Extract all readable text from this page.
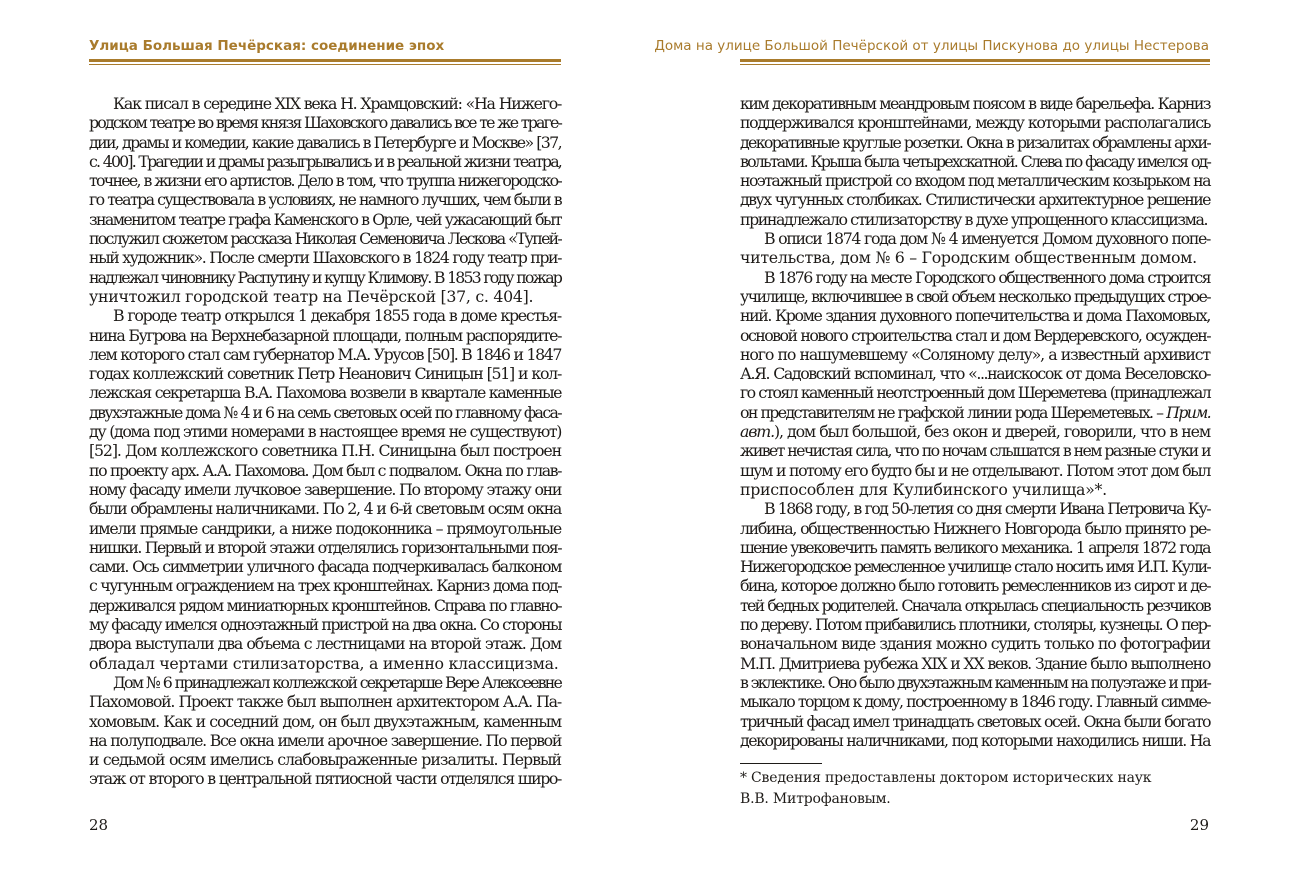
Улица Большая Печёрская: соединение эпох
Как писал в середине XIX века Н. Храмцовский: «На Нижего-
родском театре во время князя Шаховского давались все те же траге-
дии, драмы и комедии, какие давались в Петербурге и Москве» [37,
с. 400]. Трагедии и драмы разыгрывались и в реальной жизни театра,
точнее, в жизни его артистов. Дело в том, что труппа нижегородско-
го театра существовала в условиях, не намного лучших, чем были в
знаменитом театре графа Каменского в Орле, чей ужасающий быт
послужил сюжетом рассказа Николая Семеновича Лескова «Тупей-
ный художник». После смерти Шаховского в 1824 году театр при-
надлежал чиновнику Распутину и купцу Климову. В 1853 году пожар
уничтожил городской театр на Печёрской [37, с. 404].
В городе театр открылся 1 декабря 1855 года в доме крестья-
нина Бугрова на Верхнебазарной площади, полным распорядите-
лем которого стал сам губернатор М.А. Урусов [50]. В 1846 и 1847
годах коллежский советник Петр Неанович Синицын [51] и кол-
лежская секретарша В.А. Пахомова возвели в квартале каменные
двухэтажные дома № 4 и 6 на семь световых осей по главному фаса-
ду (дома под этими номерами в настоящее время не существуют)
[52]. Дом коллежского советника П.Н. Синицына был построен
по проекту арх. А.А. Пахомова. Дом был с подвалом. Окна по глав-
ному фасаду имели лучковое завершение. По второму этажу они
были обрамлены наличниками. По 2, 4 и 6-й световым осям окна
имели прямые сандрики, а ниже подоконника – прямоугольные
нишки. Первый и второй этажи отделялись горизонтальными поя-
сами. Ось симметрии уличного фасада подчеркивалась балконом
с чугунным ограждением на трех кронштейнах. Карниз дома под-
держивался рядом миниатюрных кронштейнов. Справа по главно-
му фасаду имелся одноэтажный пристрой на два окна. Со стороны
двора выступали два объема с лестницами на второй этаж. Дом
обладал чертами стилизаторства, а именно классицизма.
Дом № 6 принадлежал коллежской секретарше Вере Алексеевне
Пахомовой. Проект также был выполнен архитектором А.А. Па-
хомовым. Как и соседний дом, он был двухэтажным, каменным
на полуподвале. Все окна имели арочное завершение. По первой
и седьмой осям имелись слабовыраженные ризалиты. Первый
этаж от второго в центральной пятиосной части отделялся широ-
28
Дома на улице Большой Печёрской от улицы Пискунова до улицы Нестерова
ким декоративным меандровым поясом в виде барельефа. Карниз
поддерживался кронштейнами, между которыми располагались
декоративные круглые розетки. Окна в ризалитах обрамлены архи-
вольтами. Крыша была четырехскатной. Слева по фасаду имелся од-
ноэтажный пристрой со входом под металлическим козырьком на
двух чугунных столбиках. Стилистически архитектурное решение
принадлежало стилизаторству в духе упрощенного классицизма.
В описи 1874 года дом № 4 именуется Домом духовного попе-
чительства, дом № 6 – Городским общественным домом.
В 1876 году на месте Городского общественного дома строится
училище, включившее в свой объем несколько предыдущих строе-
ний. Кроме здания духовного попечительства и дома Пахомовых,
основой нового строительства стал и дом Вердеревского, осужден-
ного по нашумевшему «Соляному делу», а известный архивист
А.Я. Садовский вспоминал, что «...наискосок от дома Веселовско-
го стоял каменный неотстроенный дом Шереметева (принадлежал
он представителям не графской линии рода Шереметевых. – Прим.
авт.), дом был большой, без окон и дверей, говорили, что в нем
живет нечистая сила, что по ночам слышатся в нем разные стуки и
шум и потому его будто бы и не отделывают. Потом этот дом был
приспособлен для Кулибинского училища»*.
В 1868 году, в год 50-летия со дня смерти Ивана Петровича Ку-
либина, общественностью Нижнего Новгорода было принято ре-
шение увековечить память великого механика. 1 апреля 1872 года
Нижегородское ремесленное училище стало носить имя И.П. Кули-
бина, которое должно было готовить ремесленников из сирот и де-
тей бедных родителей. Сначала открылась специальность резчиков
по дереву. Потом прибавились плотники, столяры, кузнецы. О пер-
воначальном виде здания можно судить только по фотографии
М.П. Дмитриева рубежа XIX и XX веков. Здание было выполнено
в эклектике. Оно было двухэтажным каменным на полуэтаже и при-
мыкало торцом к дому, построенному в 1846 году. Главный симме-
тричный фасад имел тринадцать световых осей. Окна были богато
декорированы наличниками, под которыми находились ниши. На
* Сведения предоставлены доктором исторических наук
В.В. Митрофановым.
29
